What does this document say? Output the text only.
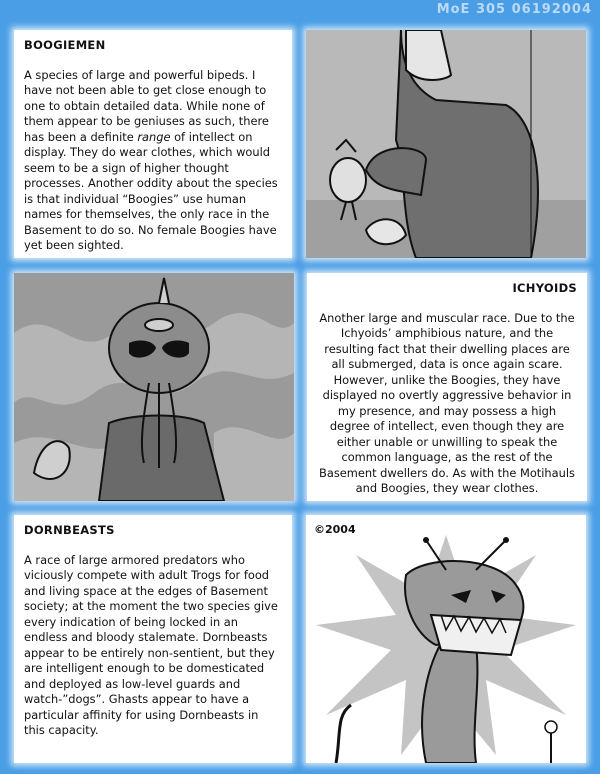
MoE 305 06192004
BOOGIEMEN

A species of large and powerful bipeds. I have not been able to get close enough to one to obtain detailed data. While none of them appear to be geniuses as such, there has been a definite range of intellect on display. They do wear clothes, which would seem to be a sign of higher thought processes. Another oddity about the species is that individual “Boogies” use human names for themselves, the only race in the Basement to do so. No female Boogies have yet been sighted.

ICHYOIDS

Another large and muscular race. Due to the Ichyoids’ amphibious nature, and the resulting fact that their dwelling places are all submerged, data is once again scare. However, unlike the Boogies, they have displayed no overtly aggressive behavior in my presence, and may possess a high degree of intellect, even though they are either unable or unwilling to speak the common language, as the rest of the Basement dwellers do. As with the Motihauls and Boogies, they wear clothes.

DORNBEASTS

A race of large armored predators who viciously compete with adult Trogs for food and living space at the edges of Basement society; at the moment the two species give every indication of being locked in an endless and bloody stalemate. Dornbeasts appear to be entirely non-sentient, but they are intelligent enough to be domesticated and deployed as low-level guards and watch-”dogs”. Ghasts appear to have a particular affinity for using Dornbeasts in this capacity.

©2004
